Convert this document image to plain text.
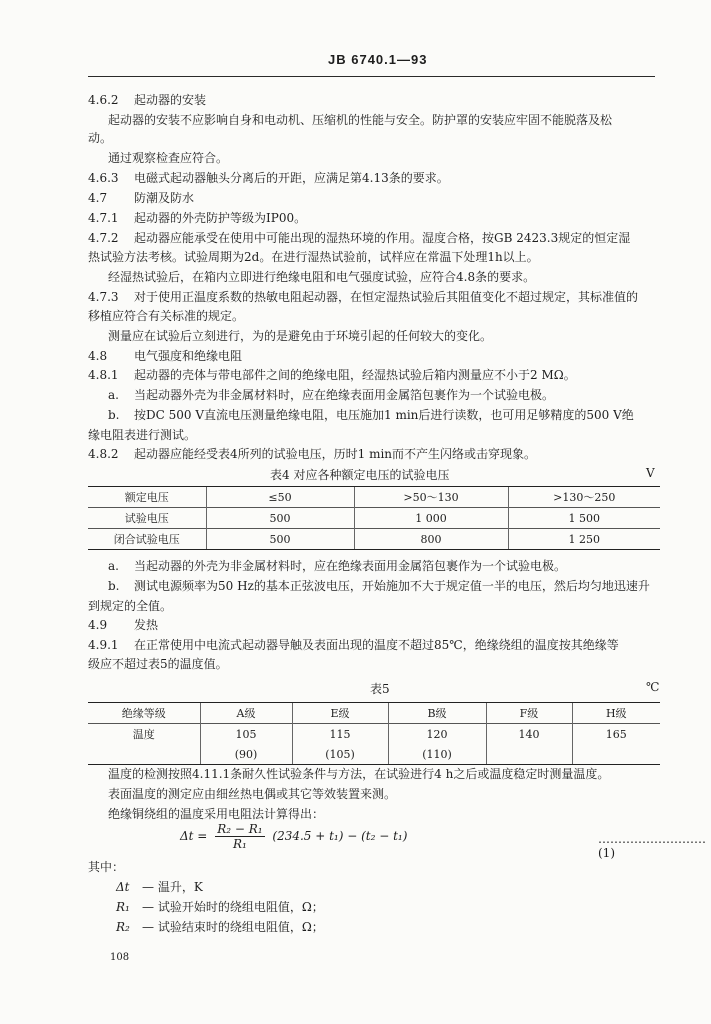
JB 6740.1—93
4.6.2 起动器的安装
起动器的安装不应影响自身和电动机、压缩机的性能与安全。防护罩的安装应牢固不能脱落及松
动。
通过观察检查应符合。
4.6.3 电磁式起动器触头分离后的开距，应满足第4.13条的要求。
4.7 防潮及防水
4.7.1 起动器的外壳防护等级为IP00。
4.7.2 起动器应能承受在使用中可能出现的湿热环境的作用。湿度合格，按GB 2423.3规定的恒定湿
热试验方法考核。试验周期为2d。在进行湿热试验前，试样应在常温下处理1h以上。
经湿热试验后，在箱内立即进行绝缘电阻和电气强度试验，应符合4.8条的要求。
4.7.3 对于使用正温度系数的热敏电阻起动器，在恒定湿热试验后其阻值变化不超过规定，其标准值的
移植应符合有关标准的规定。
测量应在试验后立刻进行，为的是避免由于环境引起的任何较大的变化。
4.8 电气强度和绝缘电阻
4.8.1 起动器的壳体与带电部件之间的绝缘电阻，经湿热试验后箱内测量应不小于2 MΩ。
a. 当起动器外壳为非金属材料时，应在绝缘表面用金属箔包裹作为一个试验电极。
b. 按DC 500 V直流电压测量绝缘电阻，电压施加1 min后进行读数，也可用足够精度的500 V绝
缘电阻表进行测试。
4.8.2 起动器应能经受表4所列的试验电压，历时1 min而不产生闪络或击穿现象。
表4 对应各种额定电压的试验电压	V
额定电压	≤50	>50～130	>130～250
试验电压	500	1 000	1 500
闭合试验电压	500	800	1 250
a. 当起动器的外壳为非金属材料时，应在绝缘表面用金属箔包裹作为一个试验电极。
b. 测试电源频率为50 Hz的基本正弦波电压，开始施加不大于规定值一半的电压，然后均匀地迅速升
到规定的全值。
4.9 发热
4.9.1 在正常使用中电流式起动器导触及表面出现的温度不超过85℃，绝缘绕组的温度按其绝缘等
级应不超过表5的温度值。
表5	℃
绝缘等级	A级	E级	B级	F级	H级
温度	105	115	120	140	165
	(90)	(105)	(110)		
温度的检测按照4.11.1条耐久性试验条件与方法，在试验进行4 h之后或温度稳定时测量温度。
表面温度的测定应由细丝热电偶或其它等效装置来测。
绝缘铜绕组的温度采用电阻法计算得出：
$\Delta t = \frac{\text{R₂ − R₁}}{\text{R₁}} (234.5 + t_1) - (t_2 - t_1)$	………………………(1)
其中：
Δt — 温升，K
R₁ — 试验开始时的绕组电阻值，Ω；
R₂ — 试验结束时的绕组电阻值，Ω；
108
